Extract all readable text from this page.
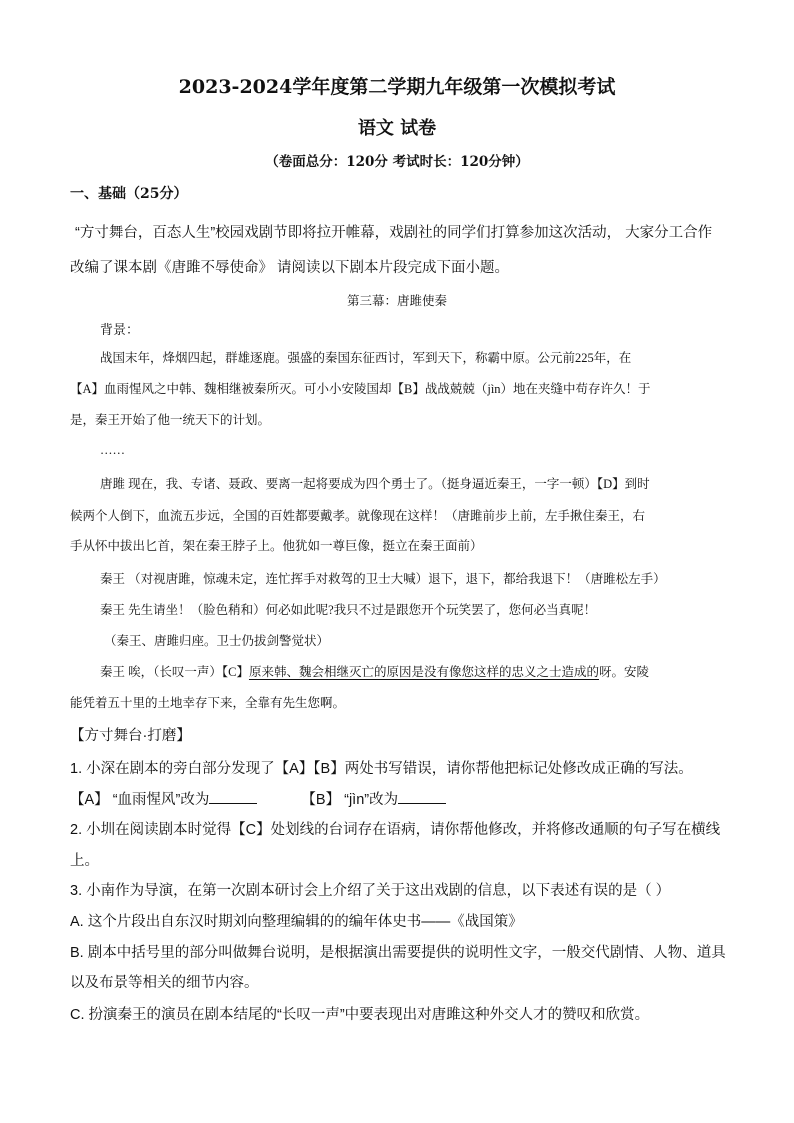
2023-2024学年度第二学期九年级第一次模拟考试
语文 试卷
（卷面总分：120分 考试时长：120分钟）
一、基础（25分）
“方寸舞台，百态人生”校园戏剧节即将拉开帷幕，戏剧社的同学们打算参加这次活动， 大家分工合作
改编了课本剧《唐雎不辱使命》 请阅读以下剧本片段完成下面小题。
第三幕：唐雎使秦
背景：
战国末年，烽烟四起，群雄逐鹿。强盛的秦国东征西讨，军到天下，称霸中原。公元前225年，在
【A】血雨惺风之中韩、魏相继被秦所灭。可小小安陵国却【B】战战兢兢（jìn）地在夹缝中苟存许久！于
是，秦王开始了他一统天下的计划。
……
唐雎 现在，我、专诸、聂政、要离一起将要成为四个勇士了。（挺身逼近秦王，一字一顿）【D】到时
候两个人倒下，血流五步远，全国的百姓都要戴孝。就像现在这样！（唐雎前步上前，左手揪住秦王，右
手从怀中拔出匕首，架在秦王脖子上。他犹如一尊巨像，挺立在秦王面前）
秦王 （对视唐雎，惊魂未定，连忙挥手对救驾的卫士大喊）退下，退下，都给我退下！（唐雎松左手）
秦王 先生请坐！（脸色稍和）何必如此呢?我只不过是跟您开个玩笑罢了，您何必当真呢！
（秦王、唐雎归座。卫士仍拔剑警觉状）
秦王 唉，（长叹一声）【C】原来韩、魏会相继灭亡的原因是没有像您这样的忠义之士造成的呀。安陵
能凭着五十里的土地幸存下来，全靠有先生您啊。
【方寸舞台·打磨】
1. 小深在剧本的旁白部分发现了【A】【B】两处书写错误，请你帮他把标记处修改成正确的写法。
【A】 “血雨惺风”改为	【B】 “jìn”改为
2. 小圳在阅读剧本时觉得【C】处划线的台词存在语病，请你帮他修改，并将修改通顺的句子写在横线
上。
3. 小南作为导演，在第一次剧本研讨会上介绍了关于这出戏剧的信息，以下表述有误的是（ ）
A. 这个片段出自东汉时期刘向整理编辑的的编年体史书——《战国策》
B. 剧本中括号里的部分叫做舞台说明，是根据演出需要提供的说明性文字，一般交代剧情、人物、道具
以及布景等相关的细节内容。
C. 扮演秦王的演员在剧本结尾的“长叹一声”中要表现出对唐雎这种外交人才的赞叹和欣赏。
